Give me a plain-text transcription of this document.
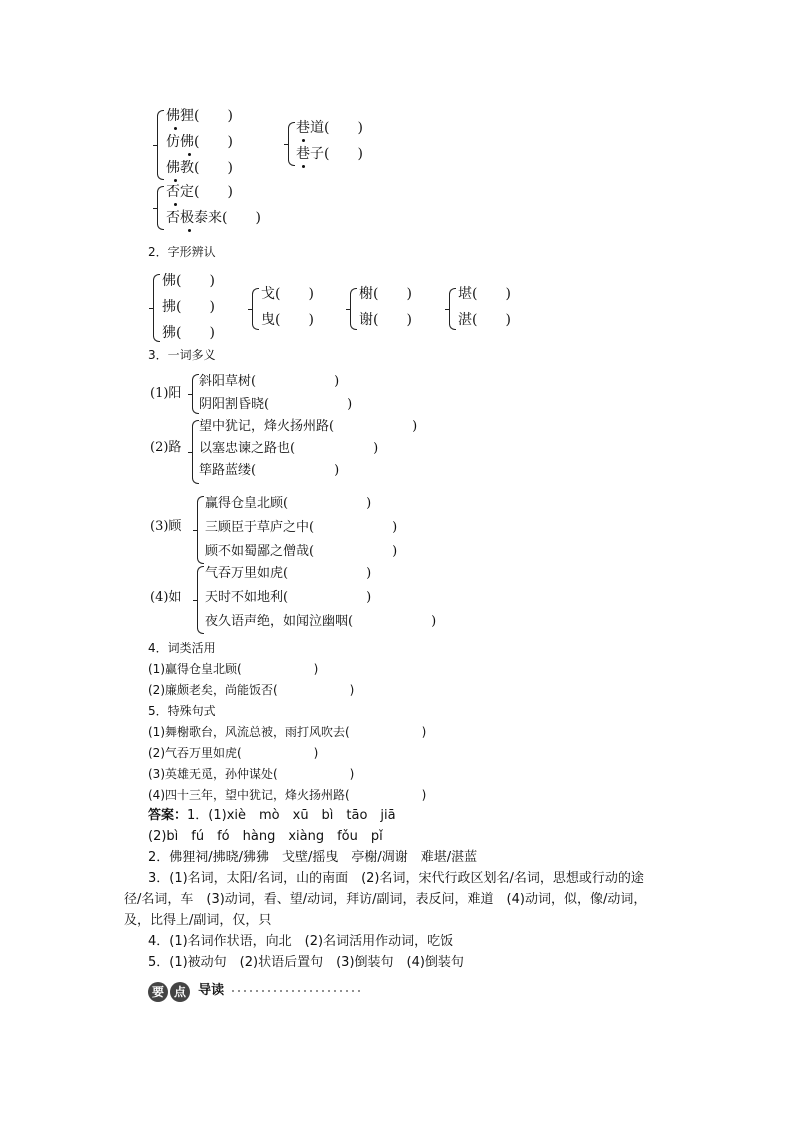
佛狸(　　)
仿佛(　　)
佛教(　　)
巷道(　　)
巷子(　　)
否定(　　)
否极泰来(　　)
2．字形辨认
佛(　　)
拂(　　)
狒(　　)
戈(　　)
曳(　　)
榭(　　)
谢(　　)
堪(　　)
湛(　　)
3．一词多义
(1)阳
斜阳草树(　　　　　　)
阴阳割昏晓(　　　　　　)
(2)路
望中犹记，烽火扬州路(　　　　　　)
以塞忠谏之路也(　　　　　　)
筚路蓝缕(　　　　　　)
(3)顾
赢得仓皇北顾(　　　　　　)
三顾臣于草庐之中(　　　　　　)
顾不如蜀鄙之僧哉(　　　　　　)
(4)如
气吞万里如虎(　　　　　　)
天时不如地利(　　　　　　)
夜久语声绝，如闻泣幽咽(　　　　　　)
4．词类活用
(1)赢得仓皇北顾(　　　　　　)
(2)廉颇老矣，尚能饭否(　　　　　　)
5．特殊句式
(1)舞榭歌台，风流总被，雨打风吹去(　　　　　　)
(2)气吞万里如虎(　　　　　　)
(3)英雄无觅，孙仲谋处(　　　　　　)
(4)四十三年，望中犹记，烽火扬州路(　　　　　　)
答案：1．(1)xiè　mò　xū　bì　tāo　jiā
(2)bì　fú　fó　hàng　xiàng　fǒu　pǐ
2．佛狸祠/拂晓/狒狒　戈壁/摇曳　亭榭/凋谢　难堪/湛蓝
3．(1)名词，太阳/名词，山的南面　(2)名词，宋代行政区划名/名词，思想或行动的途
径/名词，车　(3)动词，看、望/动词，拜访/副词，表反问，难道　(4)动词，似，像/动词，
及，比得上/副词，仅，只
4．(1)名词作状语，向北　(2)名词活用作动词，吃饭
5．(1)被动句　(2)状语后置句　(3)倒装句　(4)倒装句
要 点 $^{导读}$
